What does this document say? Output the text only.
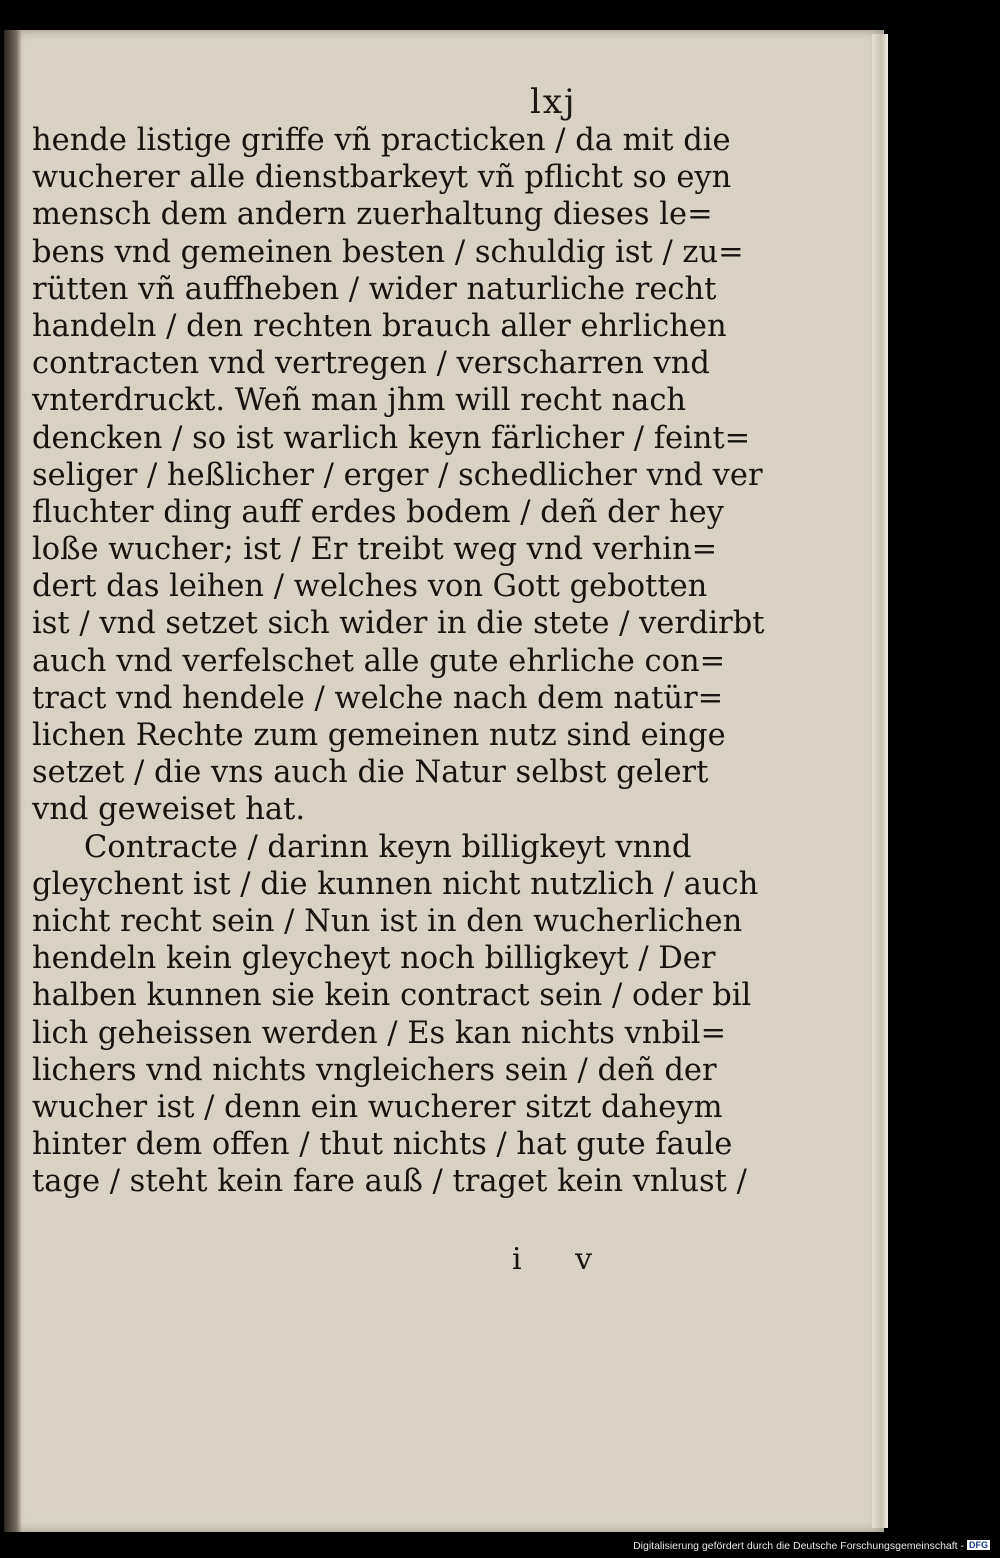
lxj
hende listige griffe vñ practicken / da mit die
wucherer alle dienstbarkeyt vñ pflicht so eyn
mensch dem andern zuerhaltung dieses le=
bens vnd gemeinen besten / schuldig ist / zu=
rütten vñ auffheben / wider naturliche recht
handeln / den rechten brauch aller ehrlichen
contracten vnd vertregen / verscharren vnd
vnterdruckt. Weñ man jhm will recht nach
dencken / so ist warlich keyn färlicher / feint=
seliger / heßlicher / erger / schedlicher vnd ver
fluchter ding auff erdes bodem / deñ der hey
loße wucher; ist / Er treibt weg vnd verhin=
dert das leihen / welches von Gott gebotten
ist / vnd setzet sich wider in die stete / verdirbt
auch vnd verfelschet alle gute ehrliche con=
tract vnd hendele / welche nach dem natür=
lichen Rechte zum gemeinen nutz sind einge
setzet / die vns auch die Natur selbst gelert
vnd geweiset hat.
Contracte / darinn keyn billigkeyt vnnd
gleychent ist / die kunnen nicht nutzlich / auch
nicht recht sein / Nun ist in den wucherlichen
hendeln kein gleycheyt noch billigkeyt / Der
halben kunnen sie kein contract sein / oder bil
lich geheissen werden / Es kan nichts vnbil=
lichers vnd nichts vngleichers sein / deñ der
wucher ist / denn ein wucherer sitzt daheym
hinter dem offen / thut nichts / hat gute faule
tage / steht kein fare auß / traget kein vnlust /
i v
Digitalisierung gefördert durch die Deutsche Forschungsgemeinschaft - DFG
